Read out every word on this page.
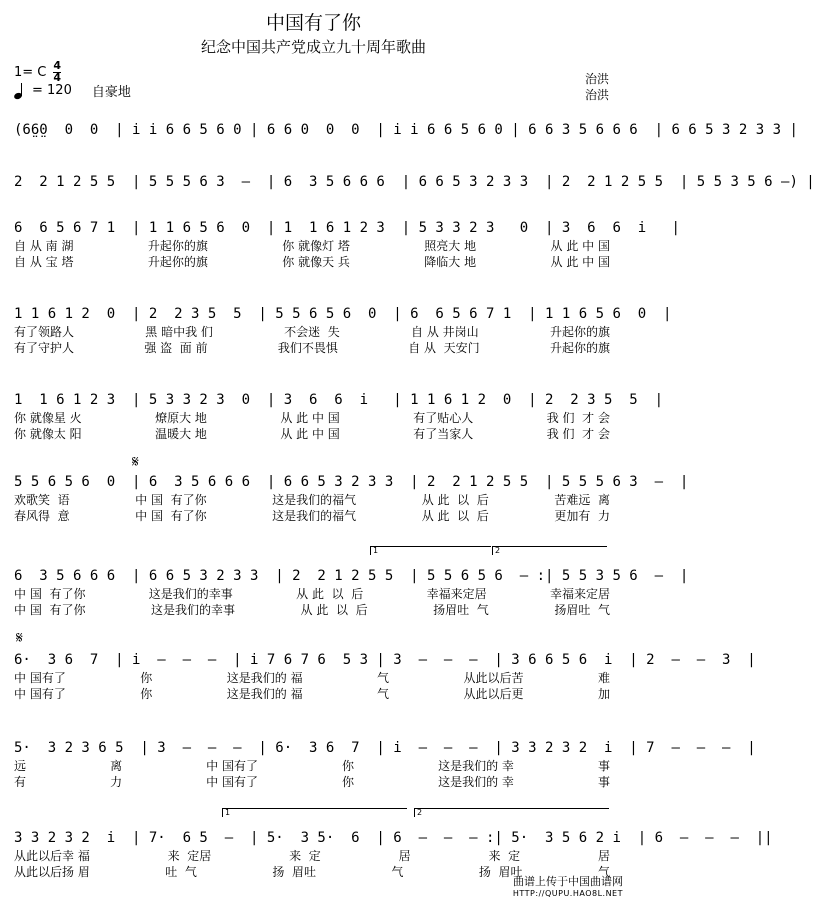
中国有了你
纪念中国共产党成立九十周年歌曲
1= C 4
4
= 120 自豪地
治洪
治洪
(6̤6̤0  0  0  | i i 6 6 5 6 0 | 6 6 0  0  0  | i i 6 6 5 6 0 | 6 6 3 5 6 6 6  | 6 6 5 3 2 3 3 |
2  2 1 2 5 5  | 5 5 5 6 3  –  | 6  3 5 6 6 6  | 6 6 5 3 2 3 3  | 2  2 1 2 5 5  | 5 5 3 5 6 –) |
6  6 5 6 7 1  | 1 1 6 5 6  0  | 1  1 6 1 2 3  | 5 3 3 2 3   0  | 3  6  6  i   |
自 从 南 湖	升起你的旗	你 就像灯 塔	照亮大 地	从 此 中 国
自 从 宝 塔	升起你的旗	你 就像天 兵	降临大 地	从 此 中 国
1 1 6 1 2  0  | 2  2 3 5  5  | 5 5 6 5 6  0  | 6  6 5 6 7 1  | 1 1 6 5 6  0  |
有了领路人	黑 暗中我 们	不会迷  失	自 从 井岗山	升起你的旗
有了守护人	强 盗  面 前	我们不畏惧	自 从  天安门	升起你的旗
1  1 6 1 2 3  | 5 3 3 2 3  0  | 3  6  6  i   | 1 1 6 1 2  0  | 2  2 3 5  5  |
你 就像星 火	燎原大 地	从 此 中 国	有了贴心人	我 们  才 会
你 就像太 阳	温暖大 地	从 此 中 国	有了当家人	我 们  才 会
𝄋
5 5 6 5 6  0  | 6  3 5 6 6 6  | 6 6 5 3 2 3 3  | 2  2 1 2 5 5  | 5 5 5 6 3  –  |
欢歌笑  语	中 国  有了你	这是我们的福气	从 此  以  后	苦难远  离
春风得  意	中 国  有了你	这是我们的福气	从 此  以  后	更加有  力
1	2
6  3 5 6 6 6  | 6 6 5 3 2 3 3  | 2  2 1 2 5 5  | 5 5 6 5 6  – :| 5 5 3 5 6  –  |
中 国  有了你	这是我们的幸事	从 此  以  后	幸福来定居	幸福来定居
中 国  有了你	这是我们的幸事	从 此  以  后	扬眉吐  气	扬眉吐  气
𝄋
6·  3 6  7  | i  –  –  –  | i 7 6 7 6  5 3 | 3  –  –  –  | 3 6 6 5 6  i  | 2  –  –  3  |
中 国有了	你	这是我们的 福	气	从此以后苦	难
中 国有了	你	这是我们的 福	气	从此以后更	加
5·  3 2 3 6 5  | 3  –  –  –  | 6·  3 6  7  | i  –  –  –  | 3 3 2 3 2  i  | 7  –  –  –  |
远	离	中 国有了	你	这是我们的 幸	事
有	力	中 国有了	你	这是我们的 幸	事
1	2
3 3 2 3 2  i  | 7·  6 5  –  | 5·  3 5·  6  | 6  –  –  – :| 5·  3 5 6 2 i  | 6  –  –  –  ||
从此以后幸 福	来  定居	来  定	居	来  定	居
从此以后扬 眉	吐  气	扬  眉吐	气	扬  眉吐	气
曲谱上传于中国曲谱网
HTTP://QUPU.HAO8L.NET
